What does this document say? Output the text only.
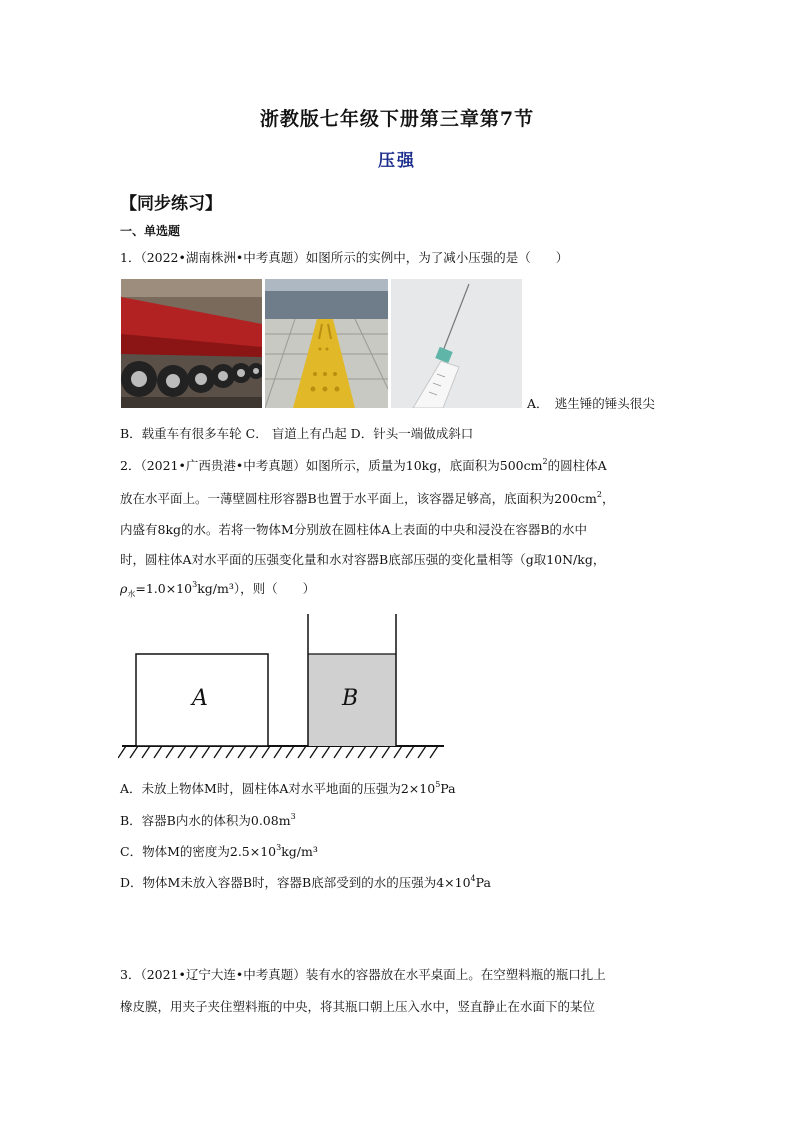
浙教版七年级下册第三章第7节
压强
【同步练习】
一、单选题
1．（2022•湖南株洲•中考真题）如图所示的实例中，为了减小压强的是（　　）
A．　逃生锤的锤头很尖
B．载重车有很多车轮 C． 盲道上有凸起 D．针头一端做成斜口
2．（2021•广西贵港•中考真题）如图所示，质量为10kg，底面积为$500cm^2$的圆柱体A
放在水平面上。一薄壁圆柱形容器B也置于水平面上，该容器足够高，底面积为$200cm^2$，
内盛有8kg的水。若将一物体M分别放在圆柱体A上表面的中央和浸没在容器B的水中
时，圆柱体A对水平面的压强变化量和水对容器B底部压强的变化量相等（g取10N/kg，
$\rho_水=1.0\times 10^3kg/m^3$），则（　　）
A	B
A．未放上物体M时，圆柱体A对水平地面的压强为$2\times 10^5Pa$
B．容器B内水的体积为$0.08m^3$
C．物体M的密度为$2.5\times 10^3kg/m^3$
D．物体M未放入容器B时，容器B底部受到的水的压强为$4\times 10^4Pa$
3．（2021•辽宁大连•中考真题）装有水的容器放在水平桌面上。在空塑料瓶的瓶口扎上
橡皮膜，用夹子夹住塑料瓶的中央，将其瓶口朝上压入水中，竖直静止在水面下的某位
